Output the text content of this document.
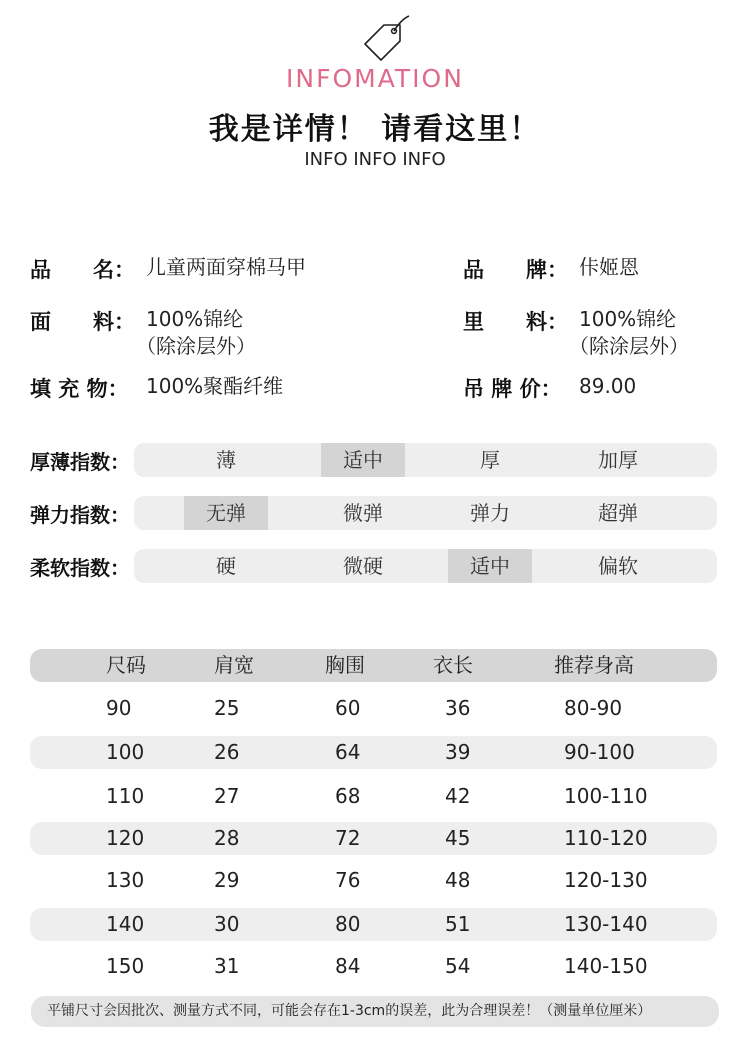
INFOMATION
我是详情！ 请看这里！
INFO INFO INFO
品　　名： 儿童两面穿棉马甲	品　　牌： 佧姬恩
面　　料： 100%锦纶
（除涂层外）
里　　料： 100%锦纶
（除涂层外）
填 充 物： 100%聚酯纤维	吊 牌 价： 89.00
厚薄指数：	薄	适中	厚	加厚
弹力指数：	无弹	微弹	弹力	超弹
柔软指数：	硬	微硬	适中	偏软
尺码	肩宽	胸围	衣长	推荐身高
90	25	60	36	80-90
100	26	64	39	90-100
110	27	68	42	100-110
120	28	72	45	110-120
130	29	76	48	120-130
140	30	80	51	130-140
150	31	84	54	140-150
平铺尺寸会因批次、测量方式不同，可能会存在1-3cm的误差，此为合理误差！（测量单位厘米）
